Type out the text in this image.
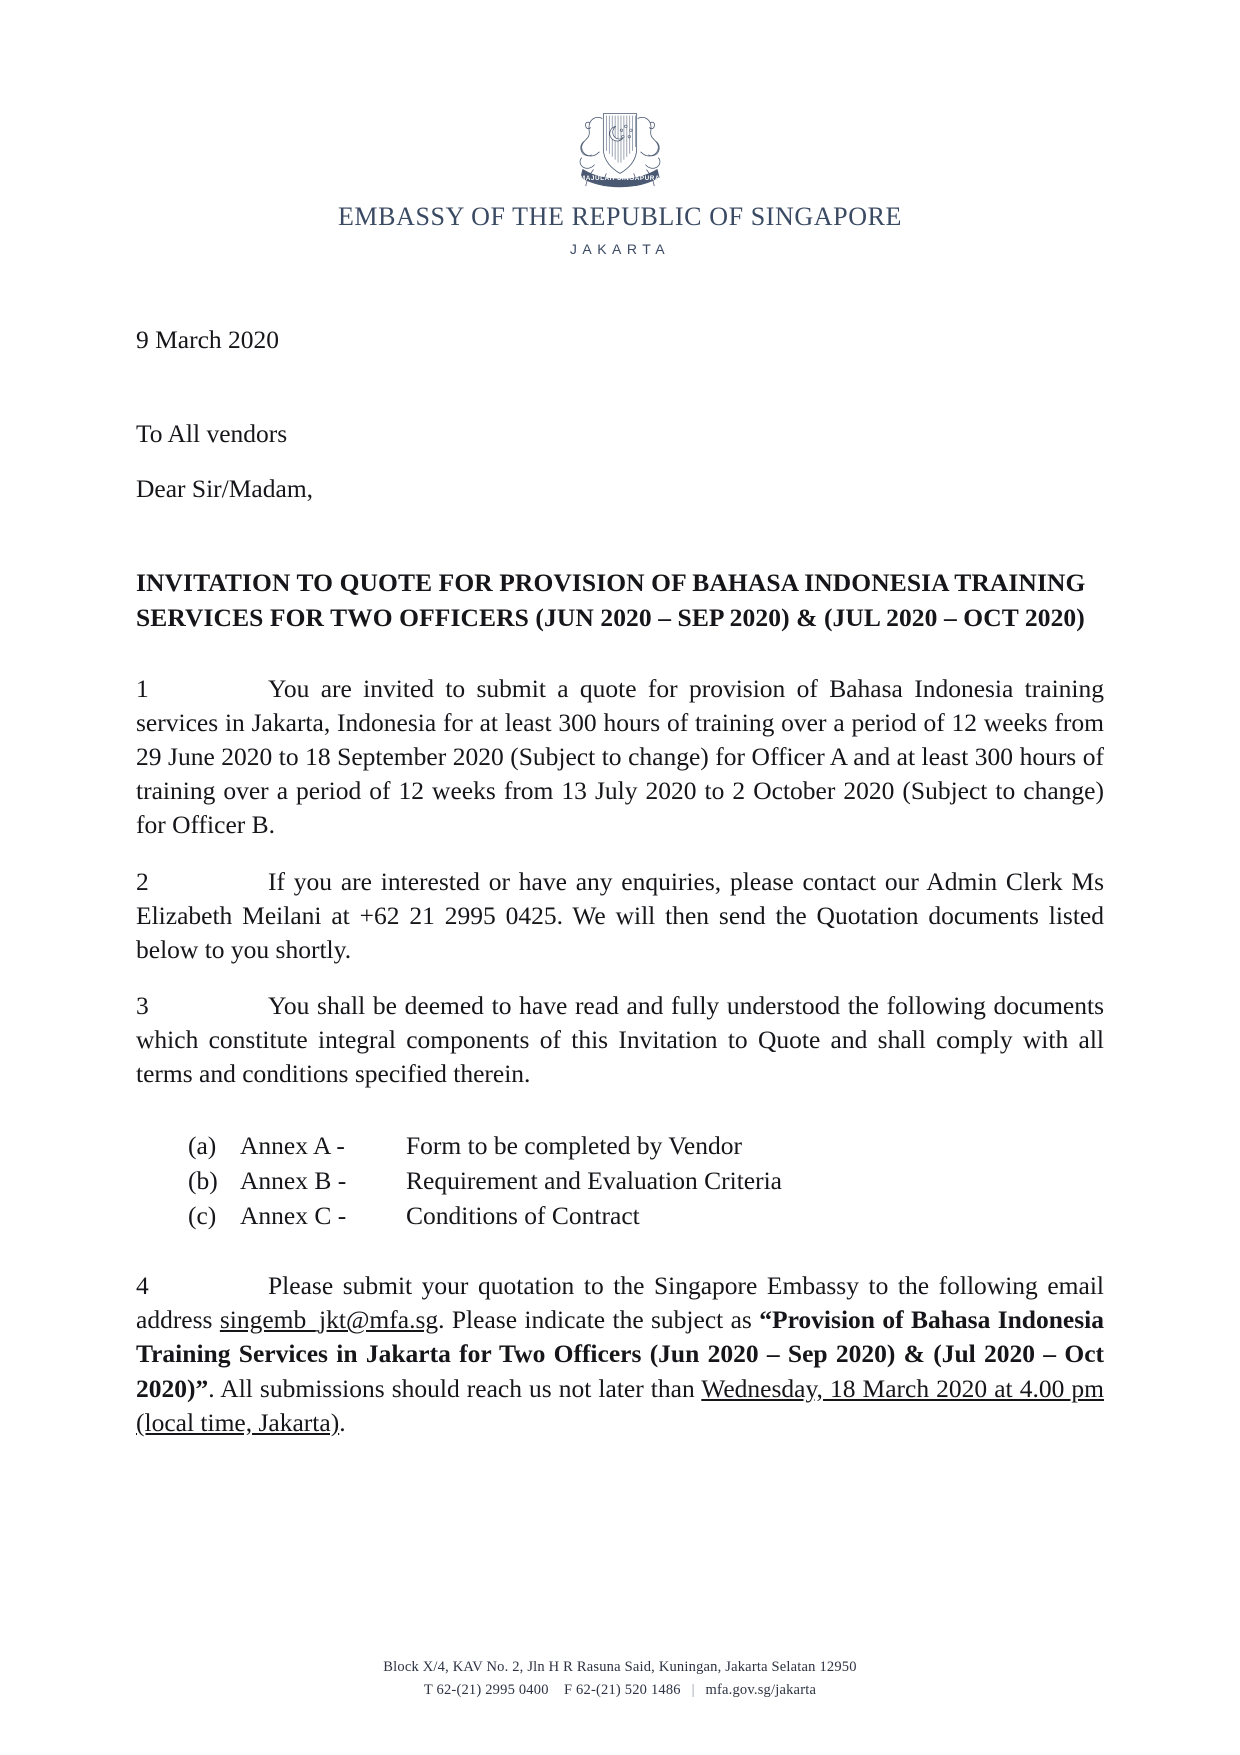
MAJULAH SINGAPURA
EMBASSY OF THE REPUBLIC OF SINGAPORE
JAKARTA
9 March 2020
To All vendors
Dear Sir/Madam,
INVITATION TO QUOTE FOR PROVISION OF BAHASA INDONESIA TRAINING SERVICES FOR TWO OFFICERS (JUN 2020 – SEP 2020) & (JUL 2020 – OCT 2020)

1	You are invited to submit a quote for provision of Bahasa Indonesia training services in Jakarta, Indonesia for at least 300 hours of training over a period of 12 weeks from 29 June 2020 to 18 September 2020 (Subject to change) for Officer A and at least 300 hours of training over a period of 12 weeks from 13 July 2020 to 2 October 2020 (Subject to change) for Officer B.

2	If you are interested or have any enquiries, please contact our Admin Clerk Ms Elizabeth Meilani at +62 21 2995 0425. We will then send the Quotation documents listed below to you shortly.

3	You shall be deemed to have read and fully understood the following documents which constitute integral components of this Invitation to Quote and shall comply with all terms and conditions specified therein.

(a) Annex A -	Form to be completed by Vendor
(b) Annex B -	Requirement and Evaluation Criteria
(c) Annex C -	Conditions of Contract

4	Please submit your quotation to the Singapore Embassy to the following email address singemb_jkt@mfa.sg. Please indicate the subject as “Provision of Bahasa Indonesia Training Services in Jakarta for Two Officers (Jun 2020 – Sep 2020) & (Jul 2020 – Oct 2020)”. All submissions should reach us not later than Wednesday, 18 March 2020 at 4.00 pm (local time, Jakarta).

Block X/4, KAV No. 2, Jln H R Rasuna Said, Kuningan, Jakarta Selatan 12950
T 62-(21) 2995 0400 F 62-(21) 520 1486 | mfa.gov.sg/jakarta
